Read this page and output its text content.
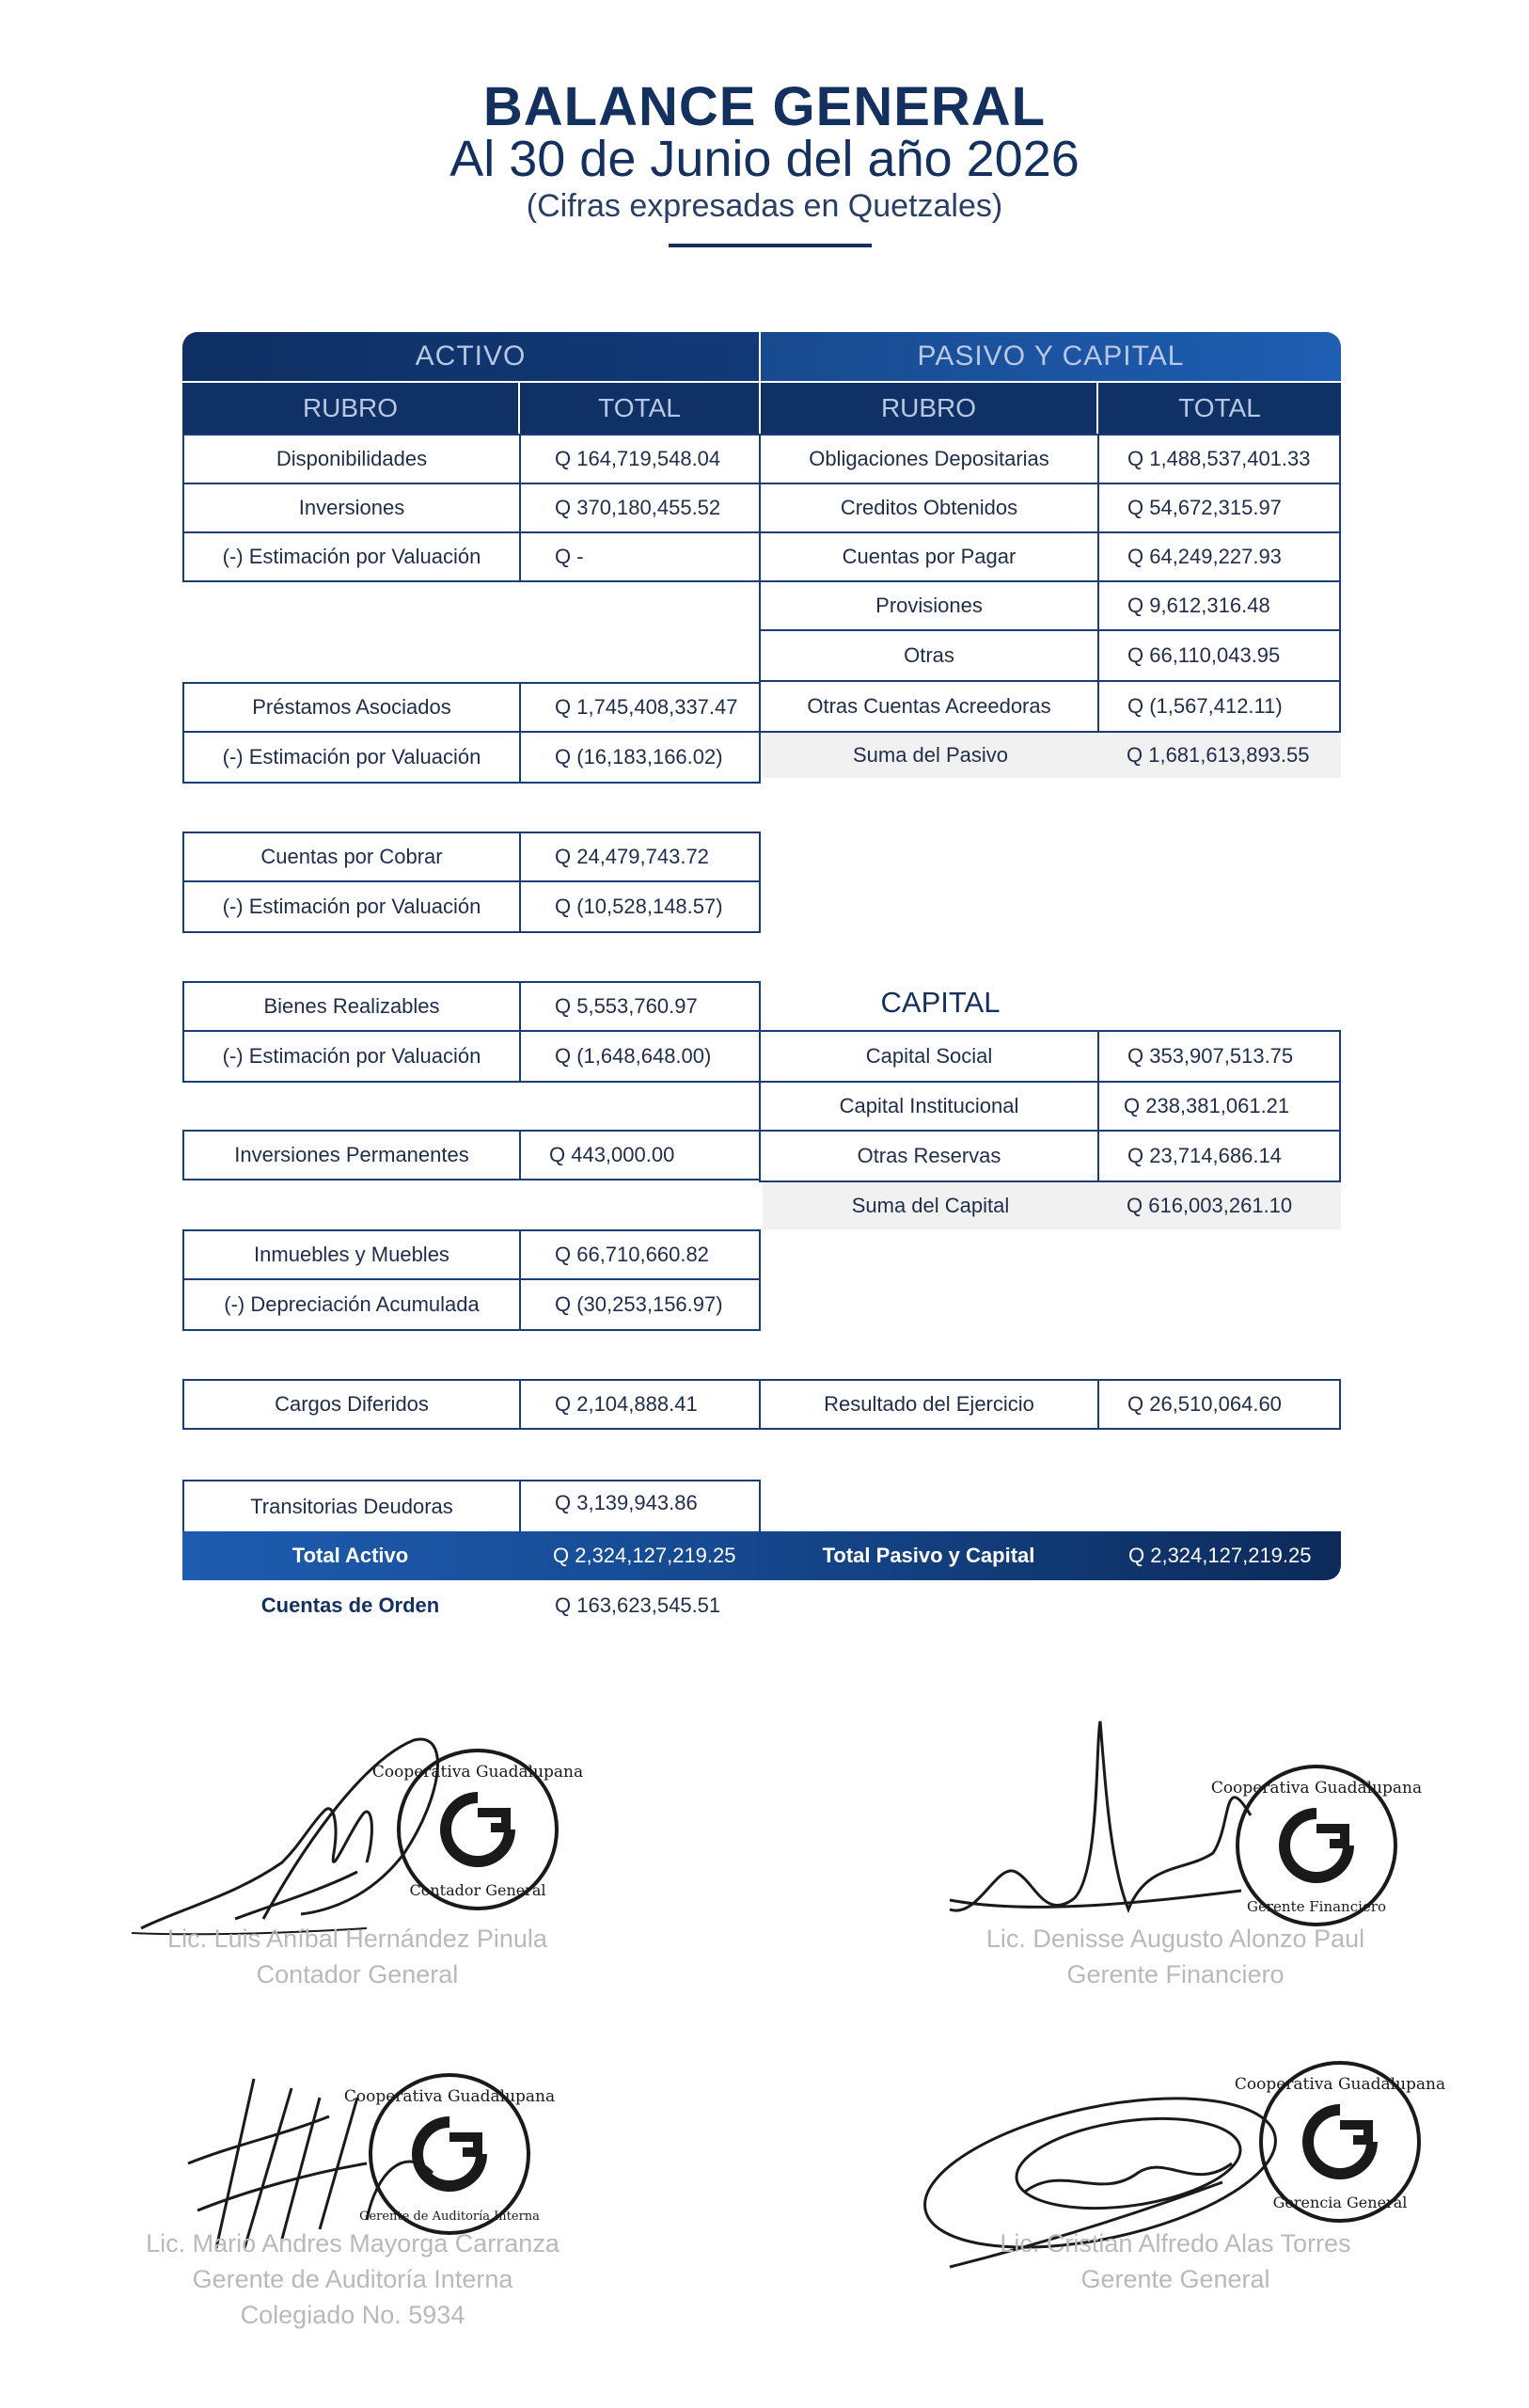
BALANCE GENERAL
Al 30 de Junio del año 2026
(Cifras expresadas en Quetzales)
ACTIVO	PASIVO Y CAPITAL
RUBRO	TOTAL	RUBRO	TOTAL
Disponibilidades	Q 164,719,548.04
Inversiones	Q 370,180,455.52
(-) Estimación por Valuación	Q -
Préstamos Asociados	Q 1,745,408,337.47
(-) Estimación por Valuación	Q (16,183,166.02)
Cuentas por Cobrar	Q 24,479,743.72
(-) Estimación por Valuación	Q (10,528,148.57)
Bienes Realizables	Q 5,553,760.97
(-) Estimación por Valuación	Q (1,648,648.00)
Inversiones Permanentes	Q 443,000.00
Inmuebles y Muebles	Q 66,710,660.82
(-) Depreciación Acumulada	Q (30,253,156.97)
Cargos Diferidos	Q 2,104,888.41
Transitorias Deudoras	Q 3,139,943.86
Obligaciones Depositarias	Q 1,488,537,401.33
Creditos Obtenidos	Q 54,672,315.97
Cuentas por Pagar	Q 64,249,227.93
Provisiones	Q 9,612,316.48
Otras	Q 66,110,043.95
Otras Cuentas Acreedoras	Q (1,567,412.11)
Suma del Pasivo	Q 1,681,613,893.55
CAPITAL
Capital Social	Q 353,907,513.75
Capital Institucional	Q 238,381,061.21
Otras Reservas	Q 23,714,686.14
Suma del Capital	Q 616,003,261.10
Resultado del Ejercicio	Q 26,510,064.60
Total Activo	Q 2,324,127,219.25	Total Pasivo y Capital	Q 2,324,127,219.25
Cuentas de Orden	Q 163,623,545.51
Cooperativa Guadalupana
Contador General
Lic. Luis Aníbal Hernández Pinula
Contador General
Cooperativa Guadalupana
Gerente Financiero
Lic. Denisse Augusto Alonzo Paul
Gerente Financiero
Cooperativa Guadalupana
Gerente de Auditoría Interna
Lic. Mario Andres Mayorga Carranza
Gerente de Auditoría Interna
Colegiado No. 5934
Cooperativa Guadalupana
Gerencia General
Lic. Cristian Alfredo Alas Torres
Gerente General
